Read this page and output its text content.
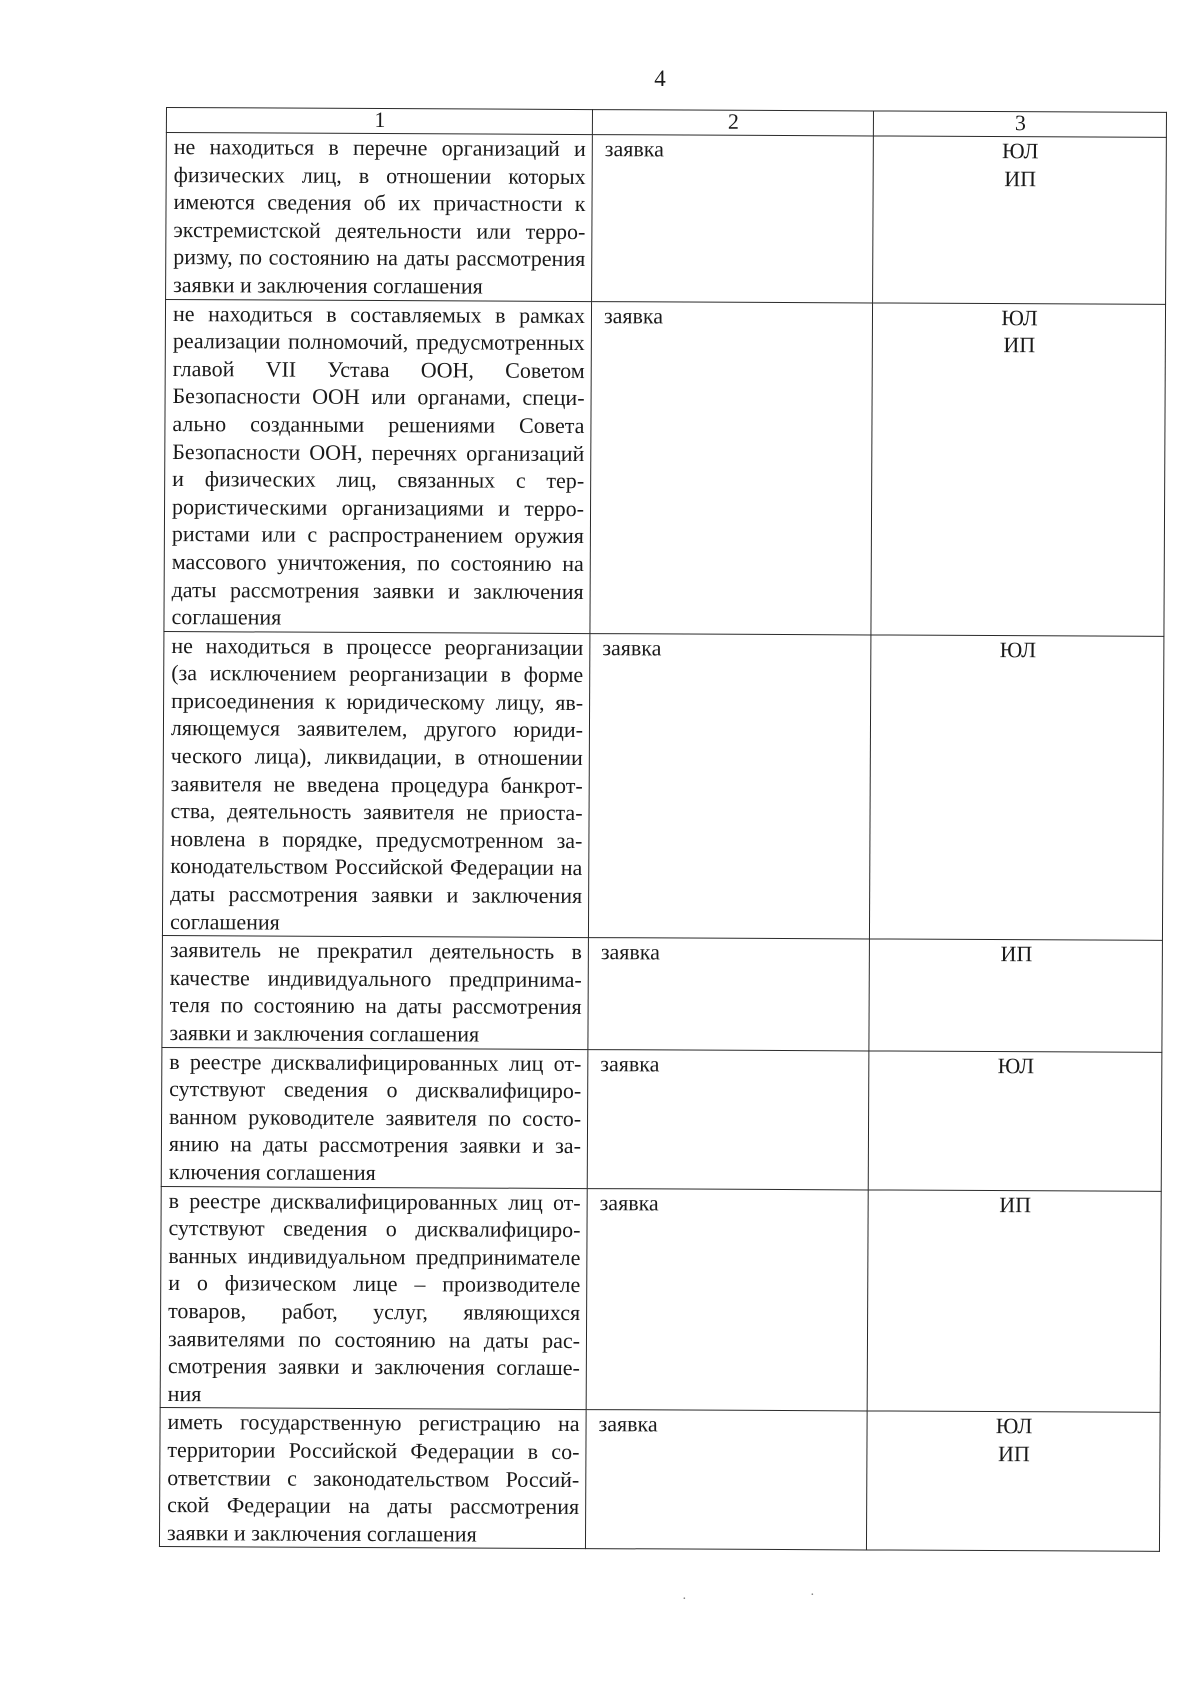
4
1	2	3
не находиться в перечне организаций и физических лиц, в отношении которых имеются сведения об их причастности к экстремистской деятельности или терроризму, по состоянию на даты рассмотрения заявки и заключения соглашения	заявка	ЮЛ
ИП

не находиться в составляемых в рамках реализации полномочий, предусмотренных главой VII Устава ООН, Советом Безопасности ООН или органами, специально созданными решениями Совета Безопасности ООН, перечнях организаций и физических лиц, связанных с террористическими организациями и террористами или с распространением оружия массового уничтожения, по состоянию на даты рассмотрения заявки и заключения соглашения	заявка	ЮЛ
ИП

не находиться в процессе реорганизации (за исключением реорганизации в форме присоединения к юридическому лицу, являющемуся заявителем, другого юридического лица), ликвидации, в отношении заявителя не введена процедура банкротства, деятельность заявителя не приостановлена в порядке, предусмотренном законодательством Российской Федерации на даты рассмотрения заявки и заключения соглашения	заявка	ЮЛ

заявитель не прекратил деятельность в качестве индивидуального предпринимателя по состоянию на даты рассмотрения заявки и заключения соглашения	заявка	ИП

в реестре дисквалифицированных лиц отсутствуют сведения о дисквалифицированном руководителе заявителя по состоянию на даты рассмотрения заявки и заключения соглашения	заявка	ЮЛ

в реестре дисквалифицированных лиц отсутствуют сведения о дисквалифицированных индивидуальном предпринимателе и о физическом лице – производителе товаров, работ, услуг, являющихся заявителями по состоянию на даты рассмотрения заявки и заключения соглашения	заявка	ИП

иметь государственную регистрацию на территории Российской Федерации в соответствии с законодательством Российской Федерации на даты рассмотрения заявки и заключения соглашения	заявка	ЮЛ
ИП
·	·
